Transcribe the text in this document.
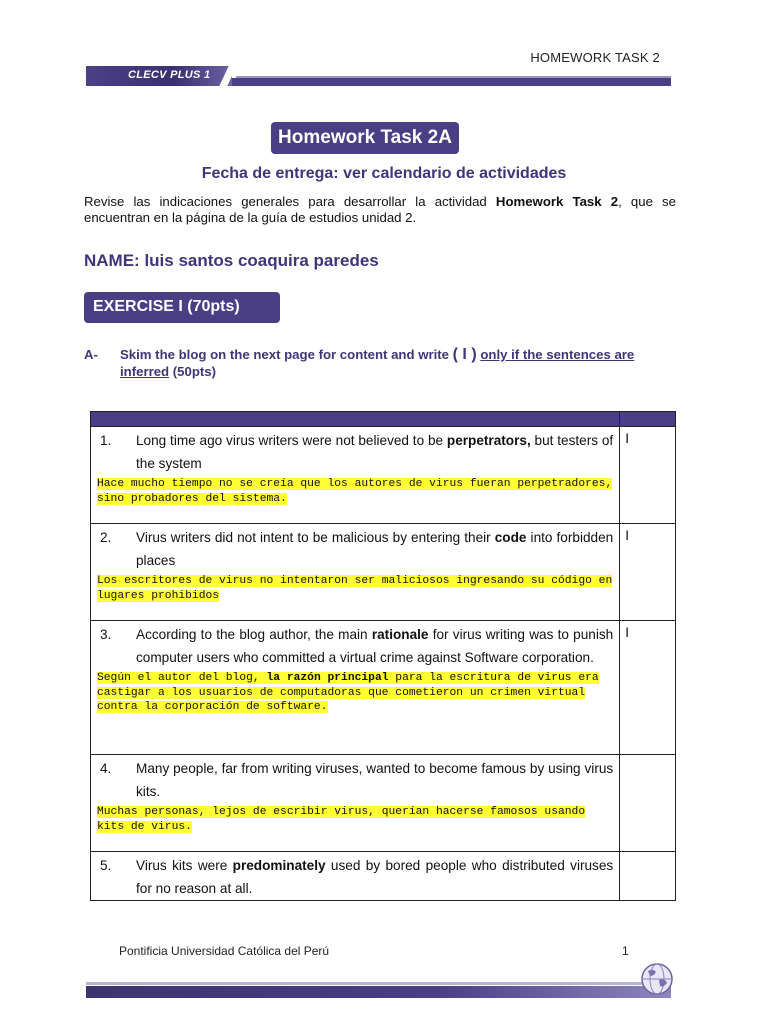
HOMEWORK TASK 2
CLECV PLUS 1
Homework Task 2A
Fecha de entrega: ver calendario de actividades
Revise las indicaciones generales para desarrollar la actividad Homework Task 2, que se encuentran en la página de la guía de estudios unidad 2.
NAME: luis santos coaquira paredes
EXERCISE I (70pts)
A- Skim the blog on the next page for content and write ( I ) only if the sentences are inferred (50pts)

1. Long time ago virus writers were not believed to be perpetrators, but testers of the system
Hace mucho tiempo no se creía que los autores de virus fueran perpetradores, sino probadores del sistema.	I

2. Virus writers did not intent to be malicious by entering their code into forbidden places
Los escritores de virus no intentaron ser maliciosos ingresando su código en lugares prohibidos	I

3. According to the blog author, the main rationale for virus writing was to punish computer users who committed a virtual crime against Software corporation.
Según el autor del blog, la razón principal para la escritura de virus era castigar a los usuarios de computadoras que cometieron un crimen virtual contra la corporación de software.	I

4. Many people, far from writing viruses, wanted to become famous by using virus kits.
Muchas personas, lejos de escribir virus, querían hacerse famosos usando kits de virus.	

5. Virus kits were predominately used by bored people who distributed viruses for no reason at all.	

Pontificia Universidad Católica del Perú	1
